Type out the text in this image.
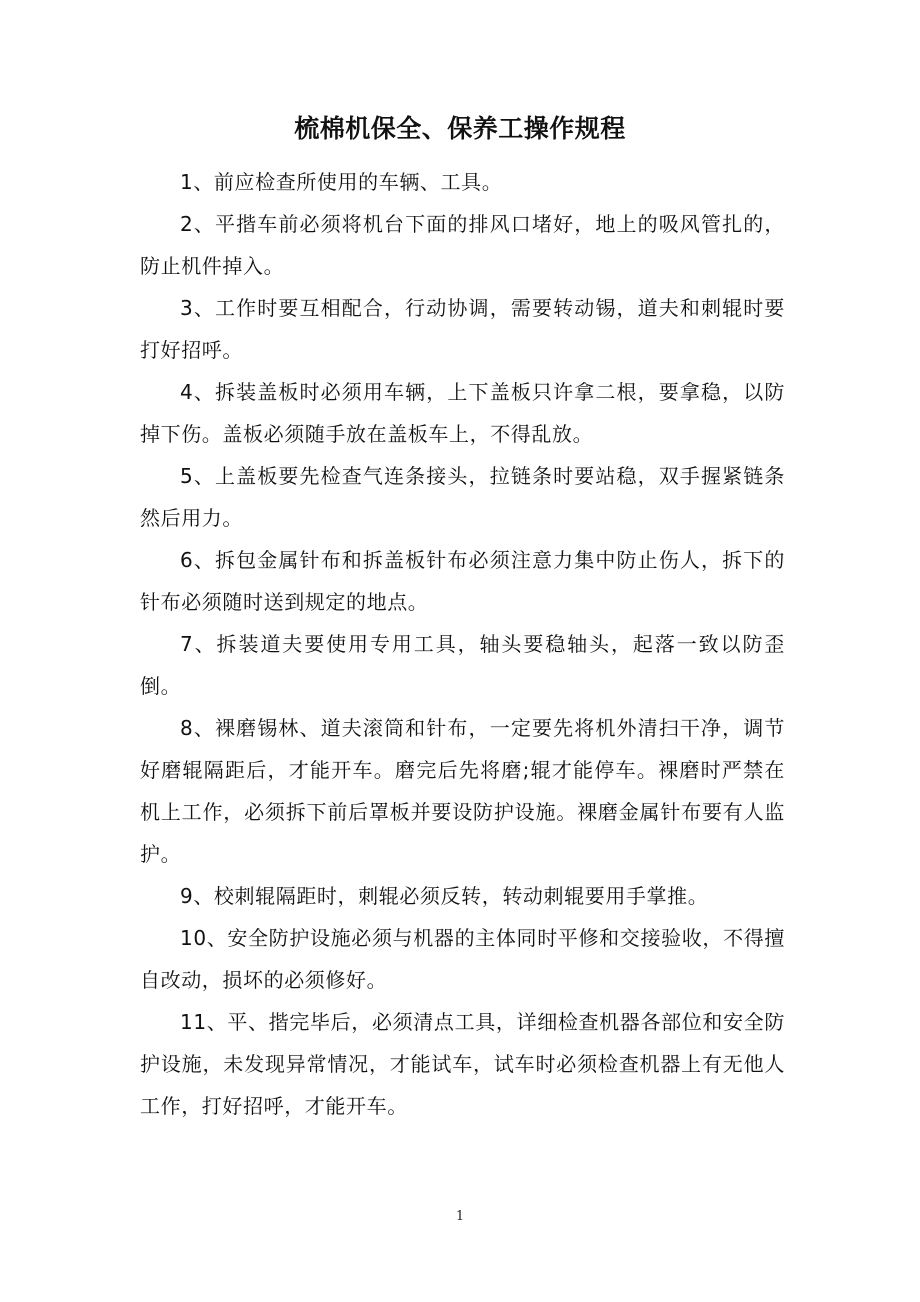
梳棉机保全、保养工操作规程

1、前应检查所使用的车辆、工具。

2、平揩车前必须将机台下面的排风口堵好，地上的吸风管扎的，防止机件掉入。

3、工作时要互相配合，行动协调，需要转动锡，道夫和刺辊时要打好招呼。

4、拆装盖板时必须用车辆，上下盖板只许拿二根，要拿稳，以防掉下伤。盖板必须随手放在盖板车上，不得乱放。

5、上盖板要先检查气连条接头，拉链条时要站稳，双手握紧链条然后用力。

6、拆包金属针布和拆盖板针布必须注意力集中防止伤人，拆下的针布必须随时送到规定的地点。

7、拆装道夫要使用专用工具，轴头要稳轴头，起落一致以防歪倒。

8、裸磨锡林、道夫滚筒和针布，一定要先将机外清扫干净，调节好磨辊隔距后，才能开车。磨完后先将磨;辊才能停车。裸磨时严禁在机上工作，必须拆下前后罩板并要设防护设施。裸磨金属针布要有人监护。

9、校刺辊隔距时，刺辊必须反转，转动刺辊要用手掌推。

10、安全防护设施必须与机器的主体同时平修和交接验收，不得擅自改动，损坏的必须修好。

11、平、揩完毕后，必须清点工具，详细检查机器各部位和安全防护设施，未发现异常情况，才能试车，试车时必须检查机器上有无他人工作，打好招呼，才能开车。

1
